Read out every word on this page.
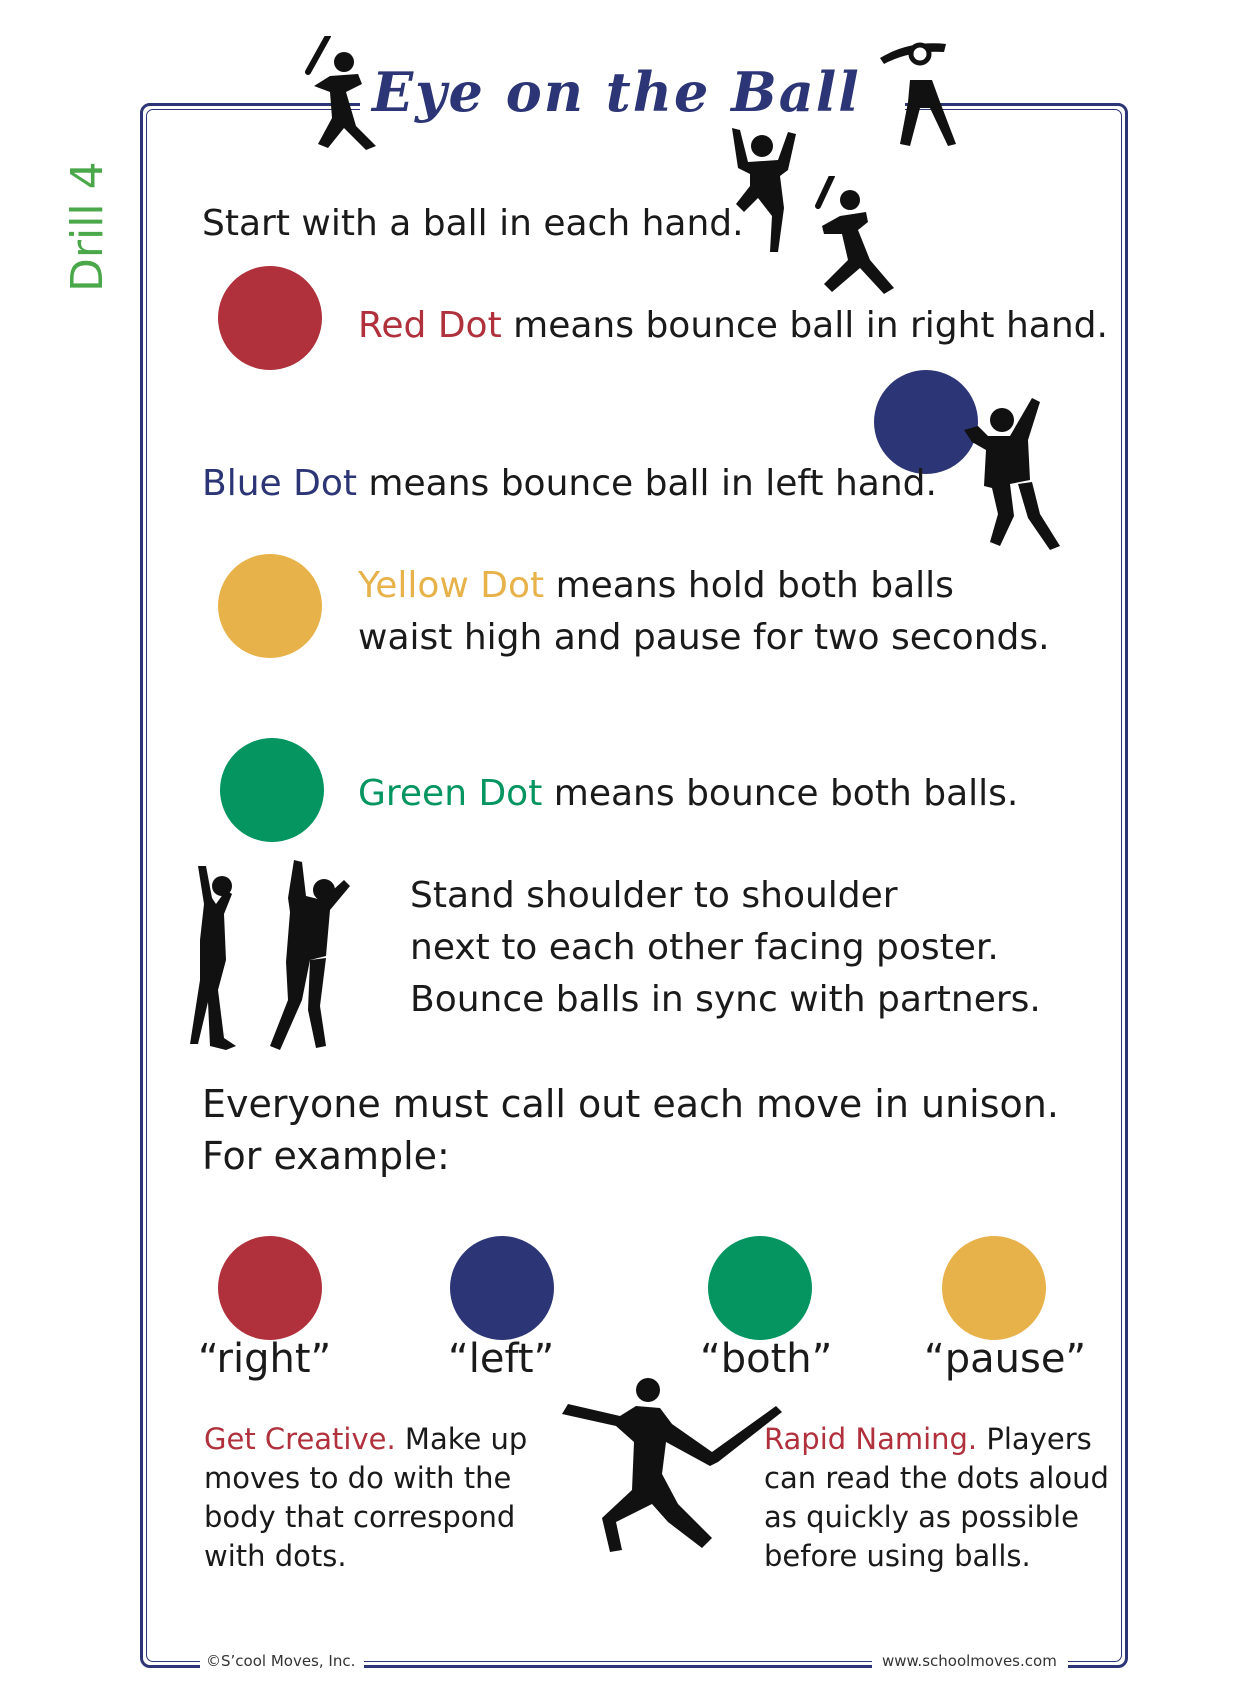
Eye on the Ball
Drill 4 Start with a ball in each hand.
Red Dot means bounce ball in right hand.
Blue Dot means bounce ball in left hand.
Yellow Dot means hold both balls
waist high and pause for two seconds.
Green Dot means bounce both balls.
Stand shoulder to shoulder
next to each other facing poster.
Bounce balls in sync with partners.
Everyone must call out each move in unison.
For example:
“right”	“left”	“both” “pause”
Get Creative. Make up
moves to do with the
body that correspond
with dots.
Rapid Naming. Players
can read the dots aloud
as quickly as possible
before using balls.
©S’cool Moves, Inc.	www.schoolmoves.com
